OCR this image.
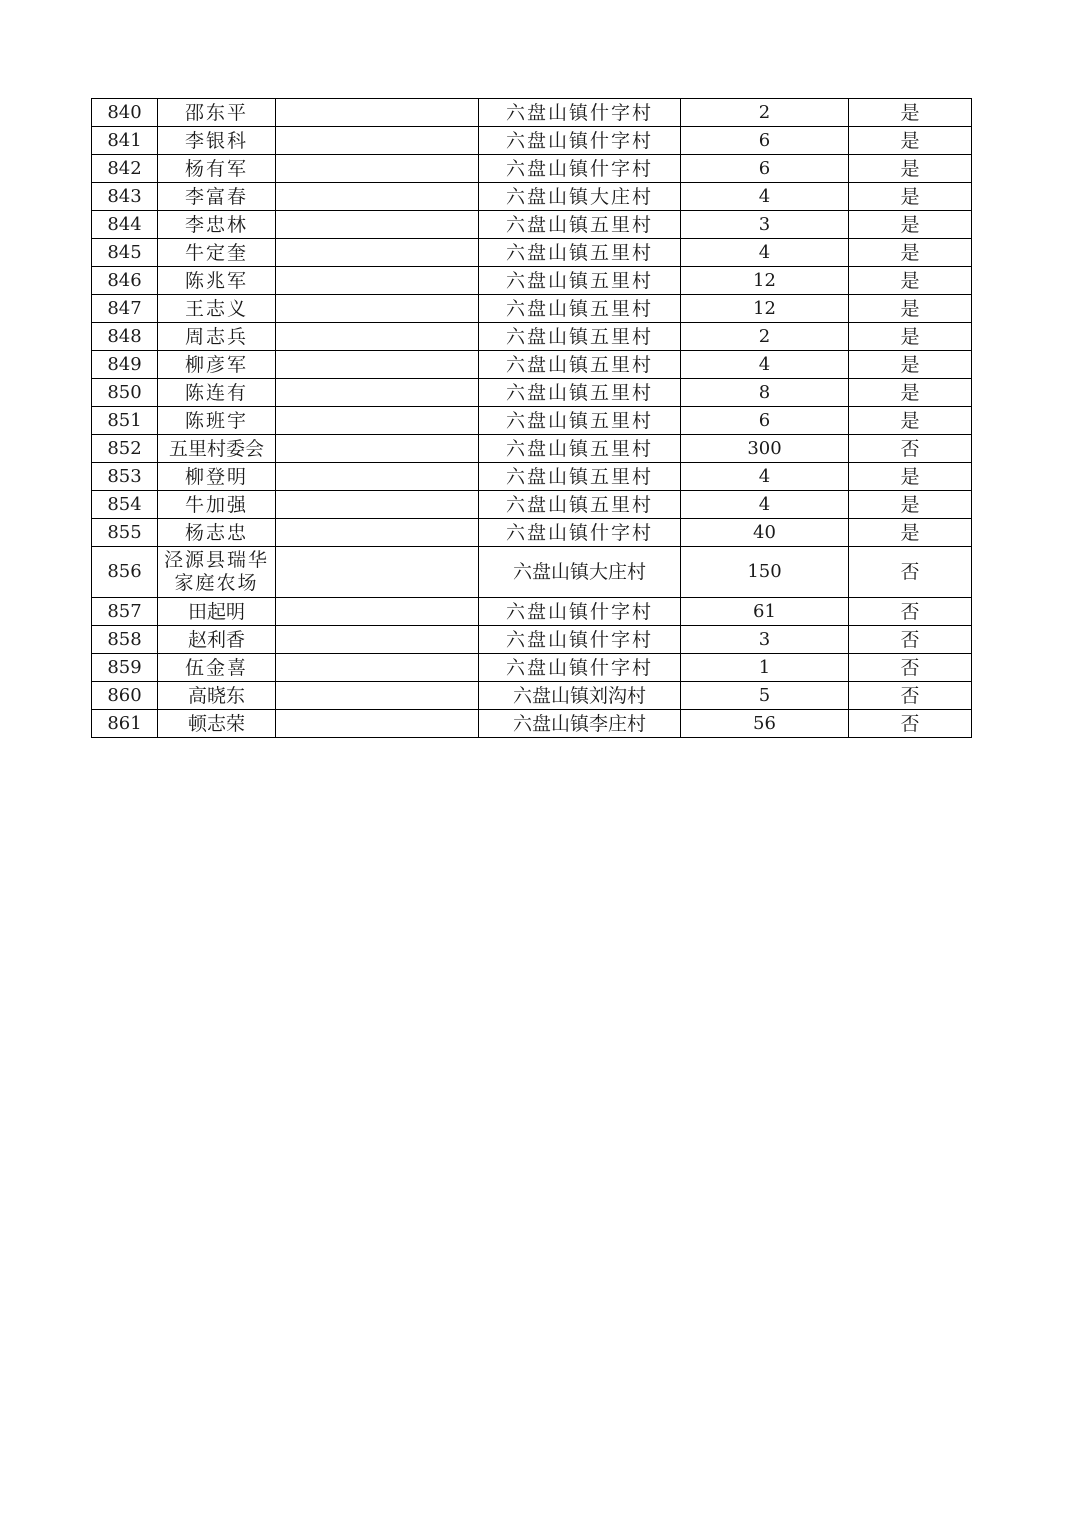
840	邵东平		六盘山镇什字村	2	是
841	李银科		六盘山镇什字村	6	是
842	杨有军		六盘山镇什字村	6	是
843	李富春		六盘山镇大庄村	4	是
844	李忠林		六盘山镇五里村	3	是
845	牛定奎		六盘山镇五里村	4	是
846	陈兆军		六盘山镇五里村	12	是
847	王志义		六盘山镇五里村	12	是
848	周志兵		六盘山镇五里村	2	是
849	柳彦军		六盘山镇五里村	4	是
850	陈连有		六盘山镇五里村	8	是
851	陈班宇		六盘山镇五里村	6	是
852	五里村委会		六盘山镇五里村	300	否
853	柳登明		六盘山镇五里村	4	是
854	牛加强		六盘山镇五里村	4	是
855	杨志忠		六盘山镇什字村	40	是
856	泾源县瑞华家庭农场		六盘山镇大庄村	150	否
857	田起明		六盘山镇什字村	61	否
858	赵利香		六盘山镇什字村	3	否
859	伍金喜		六盘山镇什字村	1	否
860	高晓东		六盘山镇刘沟村	5	否
861	顿志荣		六盘山镇李庄村	56	否
